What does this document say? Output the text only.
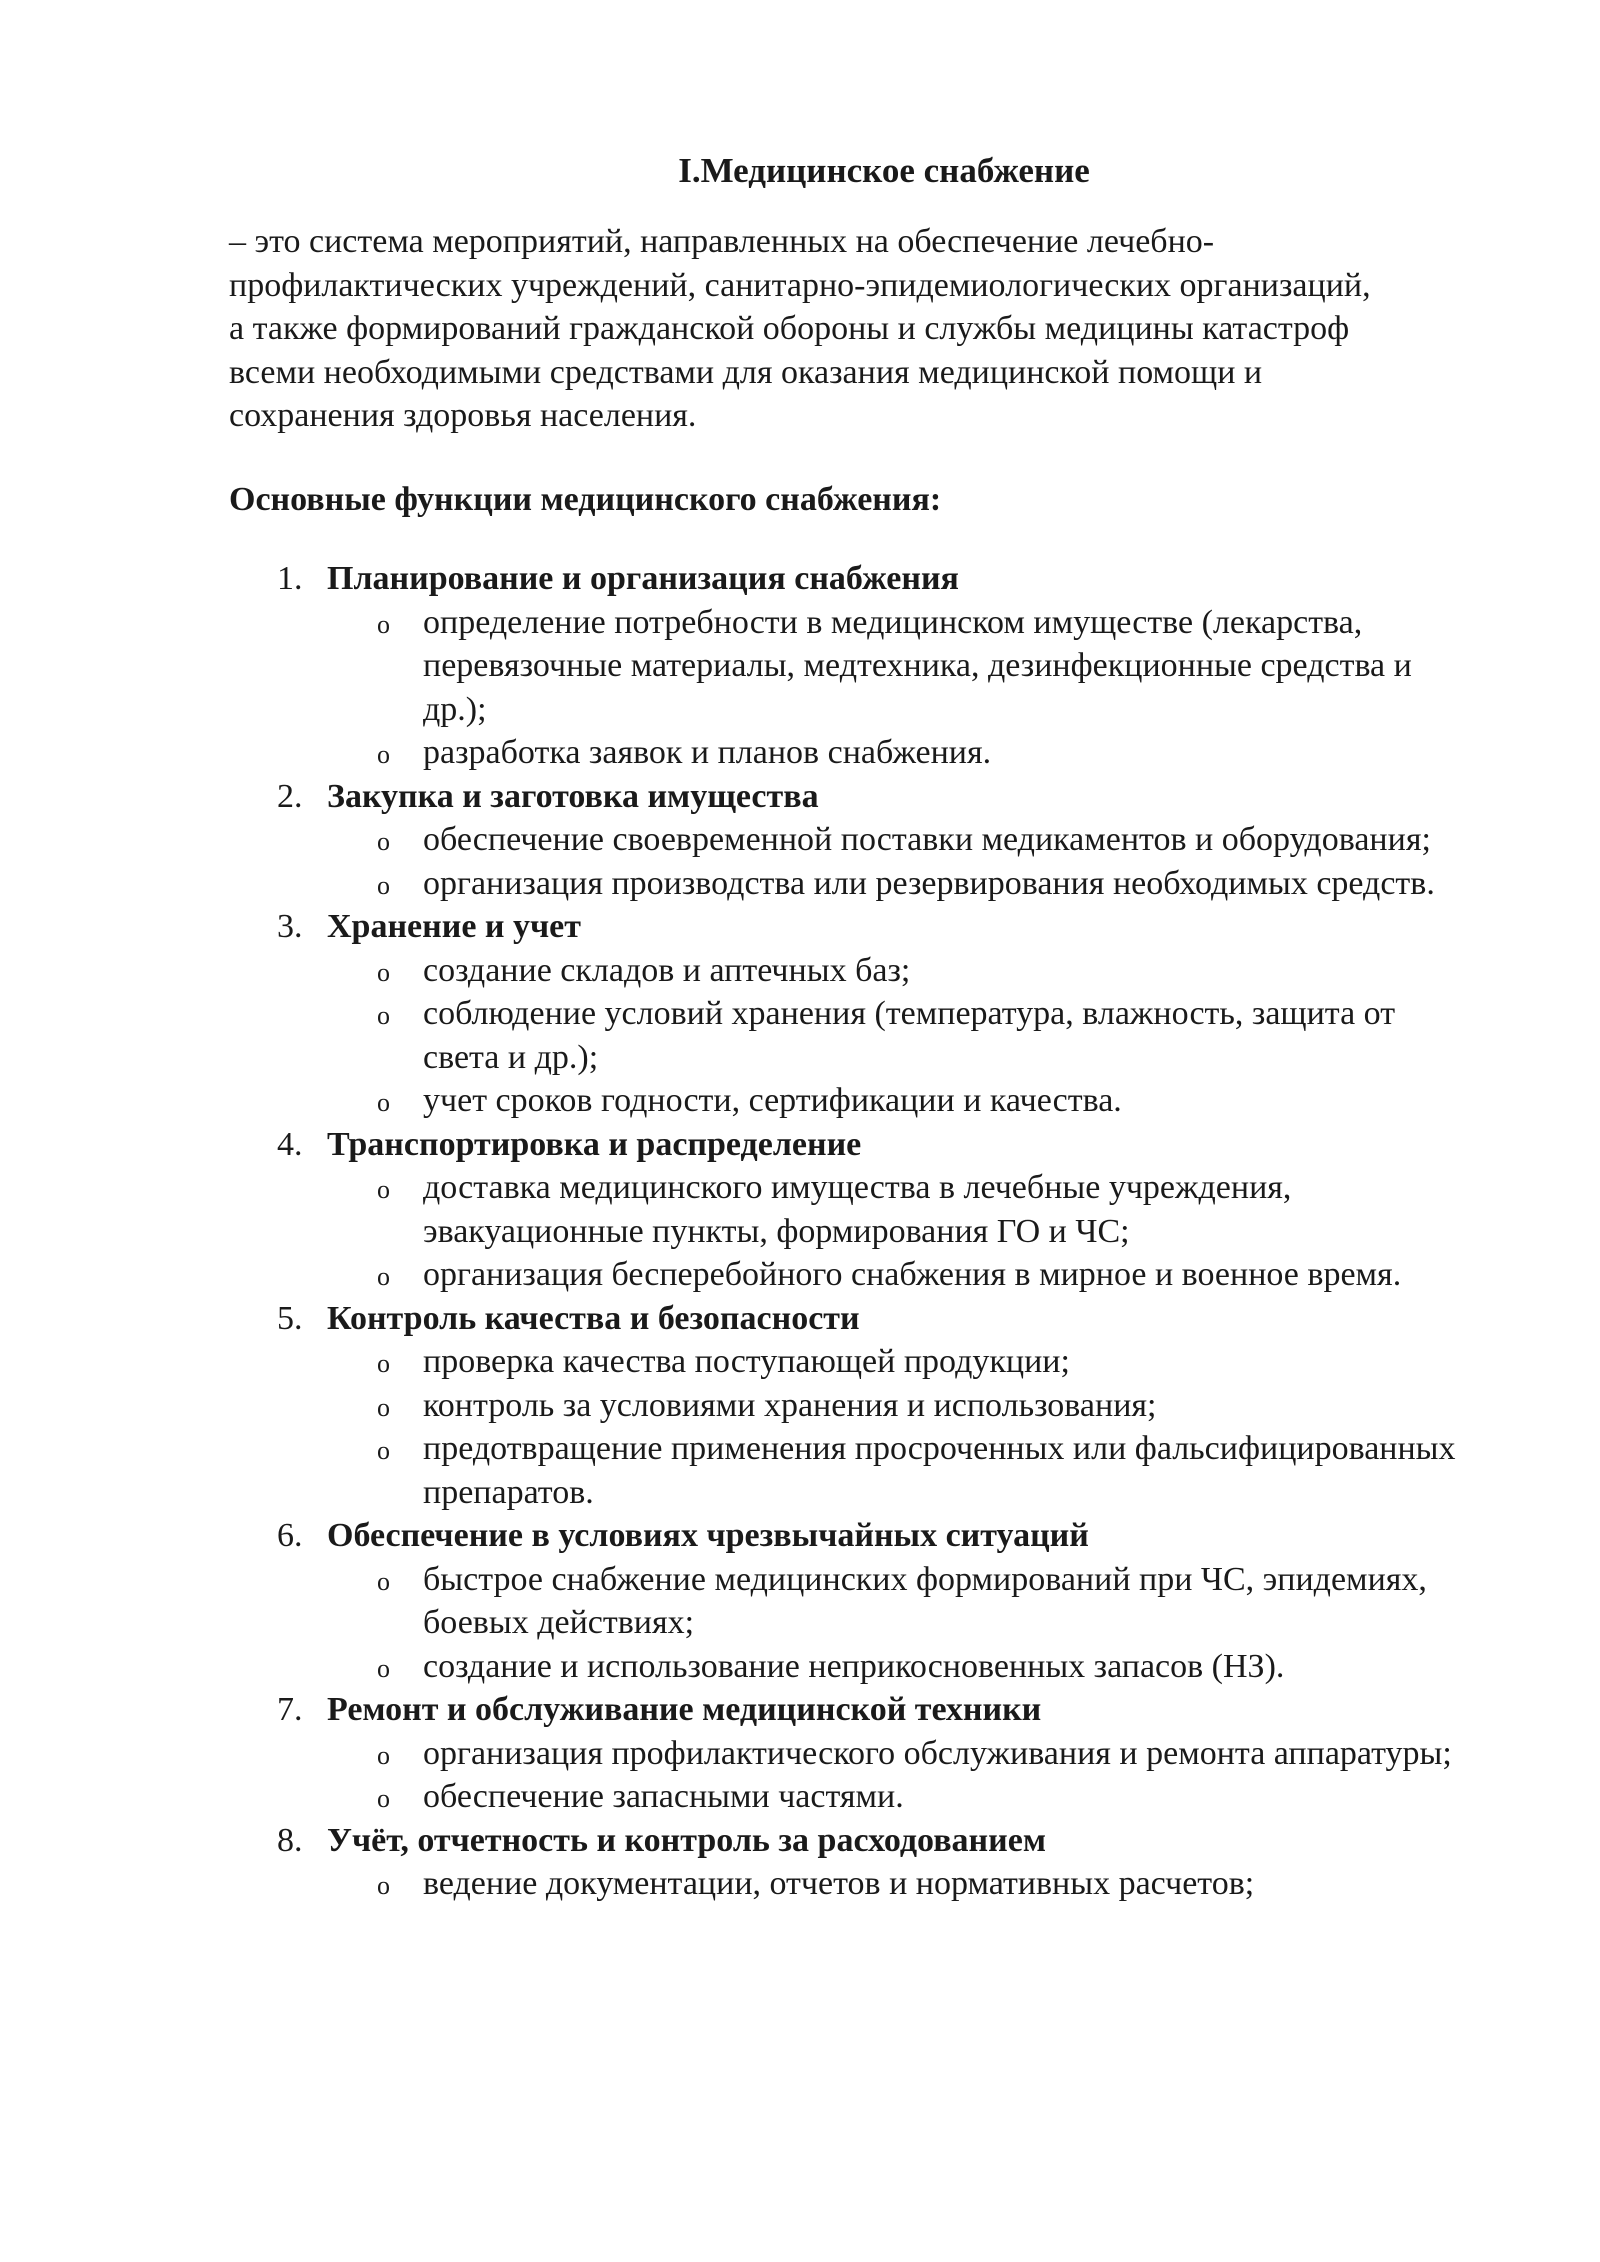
I.Медицинское снабжение

– это система мероприятий, направленных на обеспечение лечебно-профилактических учреждений, санитарно-эпидемиологических организаций, а также формирований гражданской обороны и службы медицины катастроф всеми необходимыми средствами для оказания медицинской помощи и сохранения здоровья населения.

Основные функции медицинского снабжения:

1. Планирование и организация снабжения
o определение потребности в медицинском имуществе (лекарства, перевязочные материалы, медтехника, дезинфекционные средства и др.);
o разработка заявок и планов снабжения.
2. Закупка и заготовка имущества
o обеспечение своевременной поставки медикаментов и оборудования;
o организация производства или резервирования необходимых средств.
3. Хранение и учет
o создание складов и аптечных баз;
o соблюдение условий хранения (температура, влажность, защита от света и др.);
o учет сроков годности, сертификации и качества.
4. Транспортировка и распределение
o доставка медицинского имущества в лечебные учреждения, эвакуационные пункты, формирования ГО и ЧС;
o организация бесперебойного снабжения в мирное и военное время.
5. Контроль качества и безопасности
o проверка качества поступающей продукции;
o контроль за условиями хранения и использования;
o предотвращение применения просроченных или фальсифицированных препаратов.
6. Обеспечение в условиях чрезвычайных ситуаций
o быстрое снабжение медицинских формирований при ЧС, эпидемиях, боевых действиях;
o создание и использование неприкосновенных запасов (НЗ).
7. Ремонт и обслуживание медицинской техники
o организация профилактического обслуживания и ремонта аппаратуры;
o обеспечение запасными частями.
8. Учёт, отчетность и контроль за расходованием
o ведение документации, отчетов и нормативных расчетов;
